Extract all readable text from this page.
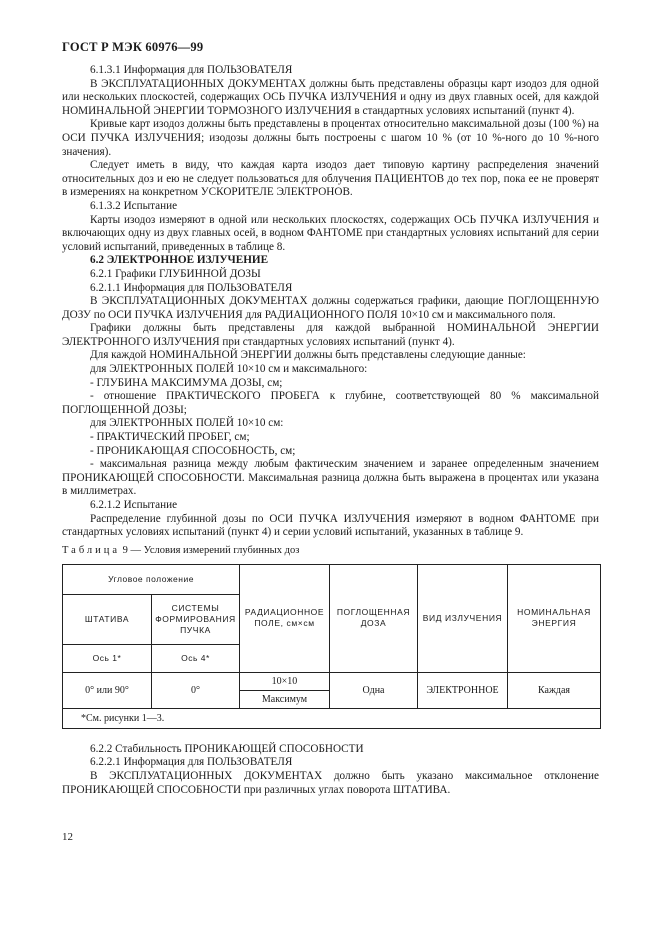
ГОСТ Р МЭК 60976—99

6.1.3.1 Информация для ПОЛЬЗОВАТЕЛЯ

В ЭКСПЛУАТАЦИОННЫХ ДОКУМЕНТАХ должны быть представлены образцы карт изодоз для одной или нескольких плоскостей, содержащих ОСЬ ПУЧКА ИЗЛУЧЕНИЯ и одну из двух главных осей, для каждой НОМИНАЛЬНОЙ ЭНЕРГИИ ТОРМОЗНОГО ИЗЛУЧЕНИЯ в стандартных условиях испытаний (пункт 4).

Кривые карт изодоз должны быть представлены в процентах относительно максимальной дозы (100 %) на ОСИ ПУЧКА ИЗЛУЧЕНИЯ; изодозы должны быть построены с шагом 10 % (от 10 %-ного до 10 %-ного значения).

Следует иметь в виду, что каждая карта изодоз дает типовую картину распределения значений относительных доз и ею не следует пользоваться для облучения ПАЦИЕНТОВ до тех пор, пока ее не проверят в измерениях на конкретном УСКОРИТЕЛЕ ЭЛЕКТРОНОВ.

6.1.3.2 Испытание

Карты изодоз измеряют в одной или нескольких плоскостях, содержащих ОСЬ ПУЧКА ИЗЛУЧЕНИЯ и включающих одну из двух главных осей, в водном ФАНТОМЕ при стандартных условиях испытаний для серии условий испытаний, приведенных в таблице 8.

6.2 ЭЛЕКТРОННОЕ ИЗЛУЧЕНИЕ

6.2.1 Графики ГЛУБИННОЙ ДОЗЫ

6.2.1.1 Информация для ПОЛЬЗОВАТЕЛЯ

В ЭКСПЛУАТАЦИОННЫХ ДОКУМЕНТАХ должны содержаться графики, дающие ПОГЛОЩЕННУЮ ДОЗУ по ОСИ ПУЧКА ИЗЛУЧЕНИЯ для РАДИАЦИОННОГО ПОЛЯ 10×10 см и максимального поля.

Графики должны быть представлены для каждой выбранной НОМИНАЛЬНОЙ ЭНЕРГИИ ЭЛЕКТРОННОГО ИЗЛУЧЕНИЯ при стандартных условиях испытаний (пункт 4).

Для каждой НОМИНАЛЬНОЙ ЭНЕРГИИ должны быть представлены следующие данные:

для ЭЛЕКТРОННЫХ ПОЛЕЙ 10×10 см и максимального:

- ГЛУБИНА МАКСИМУМА ДОЗЫ, см;

- отношение ПРАКТИЧЕСКОГО ПРОБЕГА к глубине, соответствующей 80 % максимальной ПОГЛОЩЕННОЙ ДОЗЫ;

для ЭЛЕКТРОННЫХ ПОЛЕЙ 10×10 см:

- ПРАКТИЧЕСКИЙ ПРОБЕГ, см;

- ПРОНИКАЮЩАЯ СПОСОБНОСТЬ, см;

- максимальная разница между любым фактическим значением и заранее определенным значением ПРОНИКАЮЩЕЙ СПОСОБНОСТИ. Максимальная разница должна быть выражена в процентах или указана в миллиметрах.

6.2.1.2 Испытание

Распределение глубинной дозы по ОСИ ПУЧКА ИЗЛУЧЕНИЯ измеряют в водном ФАНТОМЕ при стандартных условиях испытаний (пункт 4) и серии условий испытаний, указанных в таблице 9.

Таблица 9 — Условия измерений глубинных доз
Угловое положение		РАДИАЦИОННОЕ ПОЛЕ, см×см	ПОГЛОЩЕННАЯ ДОЗА	ВИД ИЗЛУЧЕНИЯ	НОМИНАЛЬНАЯ ЭНЕРГИЯ
ШТАТИВА	СИСТЕМЫ ФОРМИРОВАНИЯ ПУЧКА				
Ось 1*	Ось 4*				
0° или 90°	0°	10×10	Одна	ЭЛЕКТРОННОЕ	Каждая
		Максимум			
*См. рисунки 1—3.					

6.2.2 Стабильность ПРОНИКАЮЩЕЙ СПОСОБНОСТИ

6.2.2.1 Информация для ПОЛЬЗОВАТЕЛЯ

В ЭКСПЛУАТАЦИОННЫХ ДОКУМЕНТАХ должно быть указано максимальное отклонение ПРОНИКАЮЩЕЙ СПОСОБНОСТИ при различных углах поворота ШТАТИВА.

12
